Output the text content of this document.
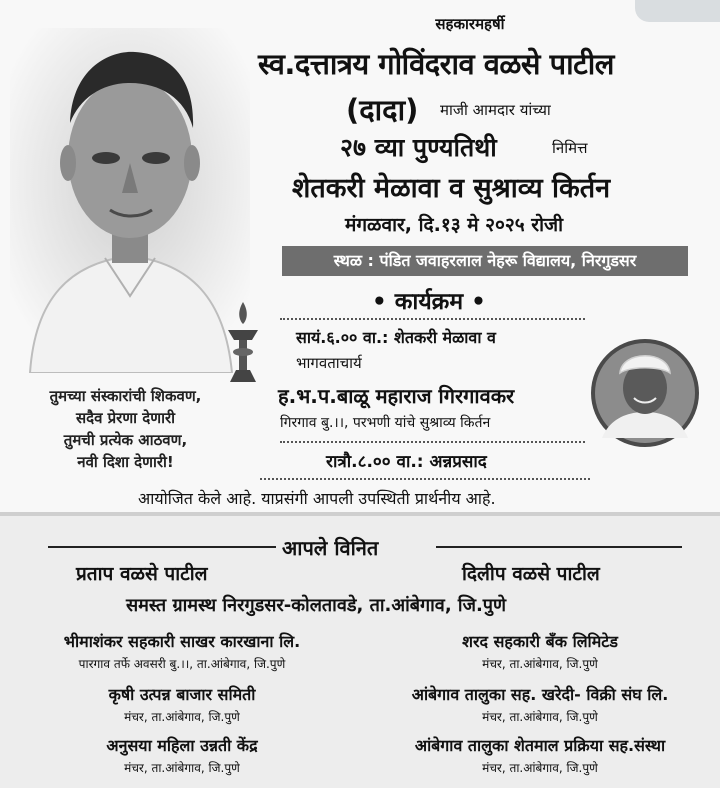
सहकारमहर्षी
स्व.दत्तात्रय गोविंदराव वळसे पाटील
(दादा) माजी आमदार यांच्या
२७ व्या पुण्यतिथी	निमित्त
शेतकरी मेळावा व सुश्राव्य किर्तन
मंगळवार, दि.१३ मे २०२५ रोजी
स्थळ : पंडित जवाहरलाल नेहरू विद्यालय, निरगुडसर
• कार्यक्रम •
सायं.६.०० वा.: शेतकरी मेळावा व
भागवताचार्य
ह.भ.प.बाळू महाराज गिरगावकर
गिरगाव बु.।।, परभणी यांचे सुश्राव्य किर्तन
रात्रौ.८.०० वा.: अन्नप्रसाद
तुमच्या संस्कारांची शिकवण,
सदैव प्रेरणा देणारी
तुमची प्रत्येक आठवण,
नवी दिशा देणारी!
आयोजित केले आहे. याप्रसंगी आपली उपस्थिती प्रार्थनीय आहे.
आपले विनित
प्रताप वळसे पाटील	दिलीप वळसे पाटील
समस्त ग्रामस्थ निरगुडसर-कोलतावडे, ता.आंबेगाव, जि.पुणे
भीमाशंकर सहकारी साखर कारखाना लि.
पारगाव तर्फे अवसरी बु.।।, ता.आंबेगाव, जि.पुणे
शरद सहकारी बँक लिमिटेड
मंचर, ता.आंबेगाव, जि.पुणे
कृषी उत्पन्न बाजार समिती
मंचर, ता.आंबेगाव, जि.पुणे
आंबेगाव तालुका सह. खरेदी- विक्री संघ लि.
मंचर, ता.आंबेगाव, जि.पुणे
अनुसया महिला उन्नती केंद्र
मंचर, ता.आंबेगाव, जि.पुणे
आंबेगाव तालुका शेतमाल प्रक्रिया सह.संस्था
मंचर, ता.आंबेगाव, जि.पुणे
